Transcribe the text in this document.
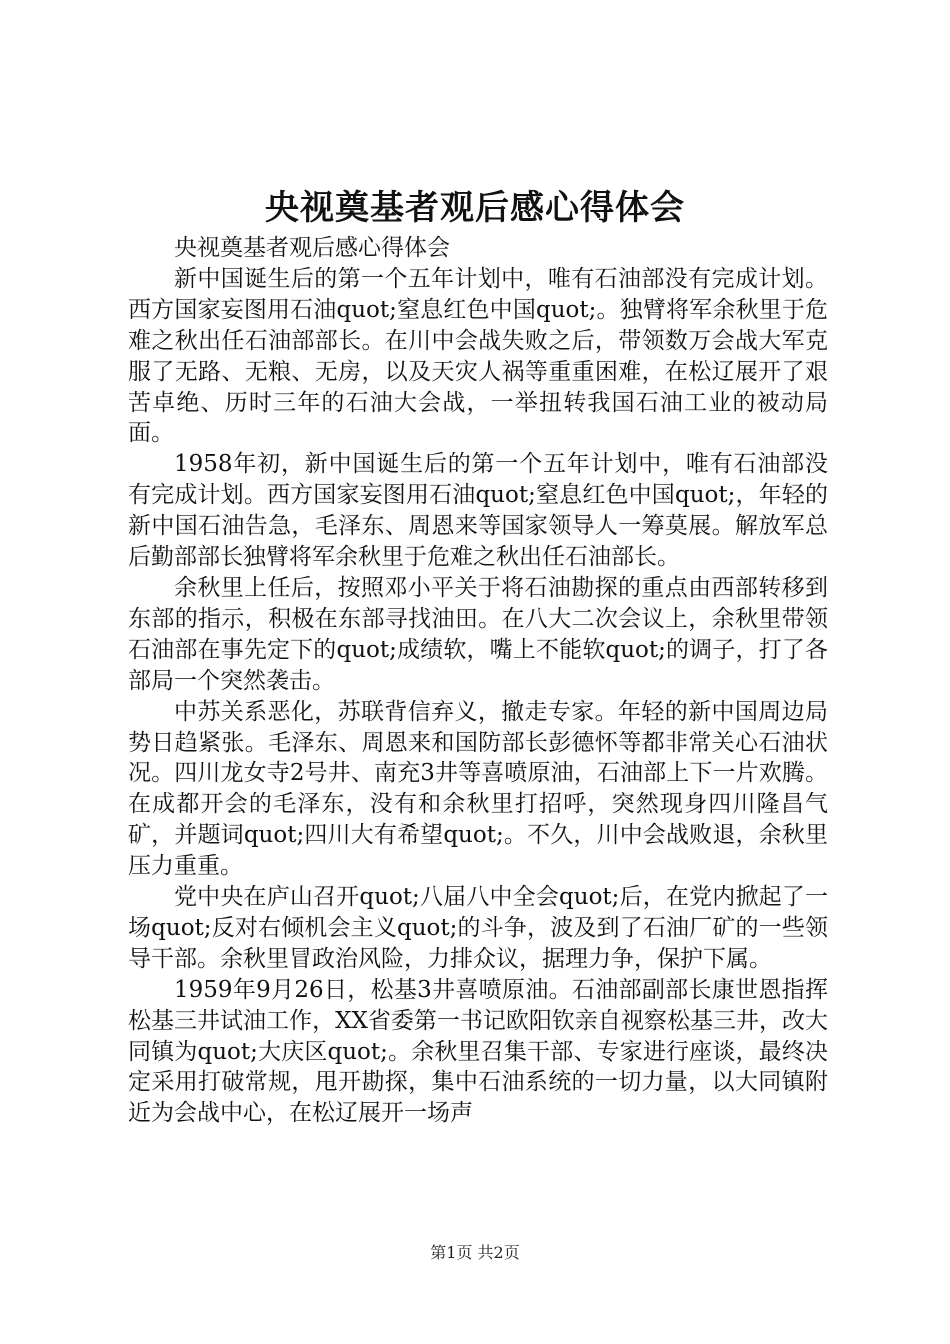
央视奠基者观后感心得体会

央视奠基者观后感心得体会

新中国诞生后的第一个五年计划中，唯有石油部没有完成计划。西方国家妄图用石油quot;窒息红色中国quot;。独臂将军余秋里于危难之秋出任石油部部长。在川中会战失败之后，带领数万会战大军克服了无路、无粮、无房，以及天灾人祸等重重困难，在松辽展开了艰苦卓绝、历时三年的石油大会战，一举扭转我国石油工业的被动局面。

1958年初，新中国诞生后的第一个五年计划中，唯有石油部没有完成计划。西方国家妄图用石油quot;窒息红色中国quot;，年轻的新中国石油告急，毛泽东、周恩来等国家领导人一筹莫展。解放军总后勤部部长独臂将军余秋里于危难之秋出任石油部长。

余秋里上任后，按照邓小平关于将石油勘探的重点由西部转移到东部的指示，积极在东部寻找油田。在八大二次会议上，余秋里带领石油部在事先定下的quot;成绩软，嘴上不能软quot;的调子，打了各部局一个突然袭击。

中苏关系恶化，苏联背信弃义，撤走专家。年轻的新中国周边局势日趋紧张。毛泽东、周恩来和国防部长彭德怀等都非常关心石油状况。四川龙女寺2号井、南充3井等喜喷原油，石油部上下一片欢腾。在成都开会的毛泽东，没有和余秋里打招呼，突然现身四川隆昌气矿，并题词quot;四川大有希望quot;。不久，川中会战败退，余秋里压力重重。

党中央在庐山召开quot;八届八中全会quot;后，在党内掀起了一场quot;反对右倾机会主义quot;的斗争，波及到了石油厂矿的一些领导干部。余秋里冒政治风险，力排众议，据理力争，保护下属。

1959年9月26日，松基3井喜喷原油。石油部副部长康世恩指挥松基三井试油工作，XX省委第一书记欧阳钦亲自视察松基三井，改大同镇为quot;大庆区quot;。余秋里召集干部、专家进行座谈，最终决定采用打破常规，甩开勘探，集中石油系统的一切力量，以大同镇附近为会战中心，在松辽展开一场声

第1页 共2页
